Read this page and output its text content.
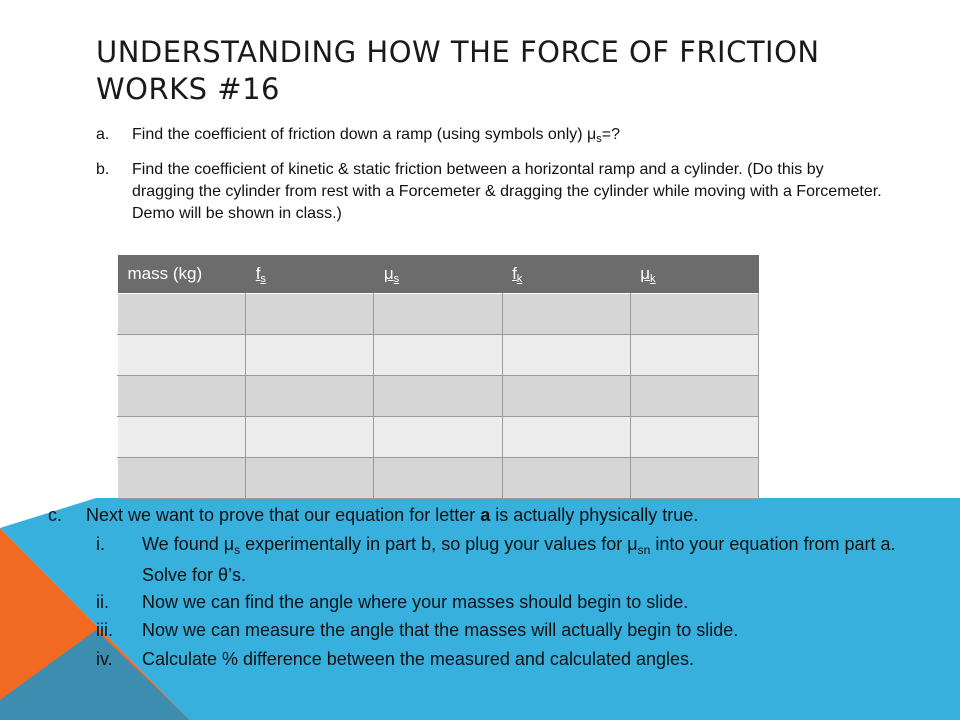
UNDERSTANDING HOW THE FORCE OF FRICTION WORKS #16
a. Find the coefficient of friction down a ramp (using symbols only) μs=?
b. Find the coefficient of kinetic & static friction between a horizontal ramp and a cylinder. (Do this by dragging the cylinder from rest with a Forcemeter & dragging the cylinder while moving with a Forcemeter. Demo will be shown in class.)
mass (kg)	fs	μs	fk	μk

c. Next we want to prove that our equation for letter a is actually physically true.
i. We found $\mu_s$ experimentally in part b, so plug your values for $\mu_{sn}$ into your equation from part a. Solve for θ’s.
ii. Now we can find the angle where your masses should begin to slide.
iii. Now we can measure the angle that the masses will actually begin to slide.
iv. Calculate % difference between the measured and calculated angles.
